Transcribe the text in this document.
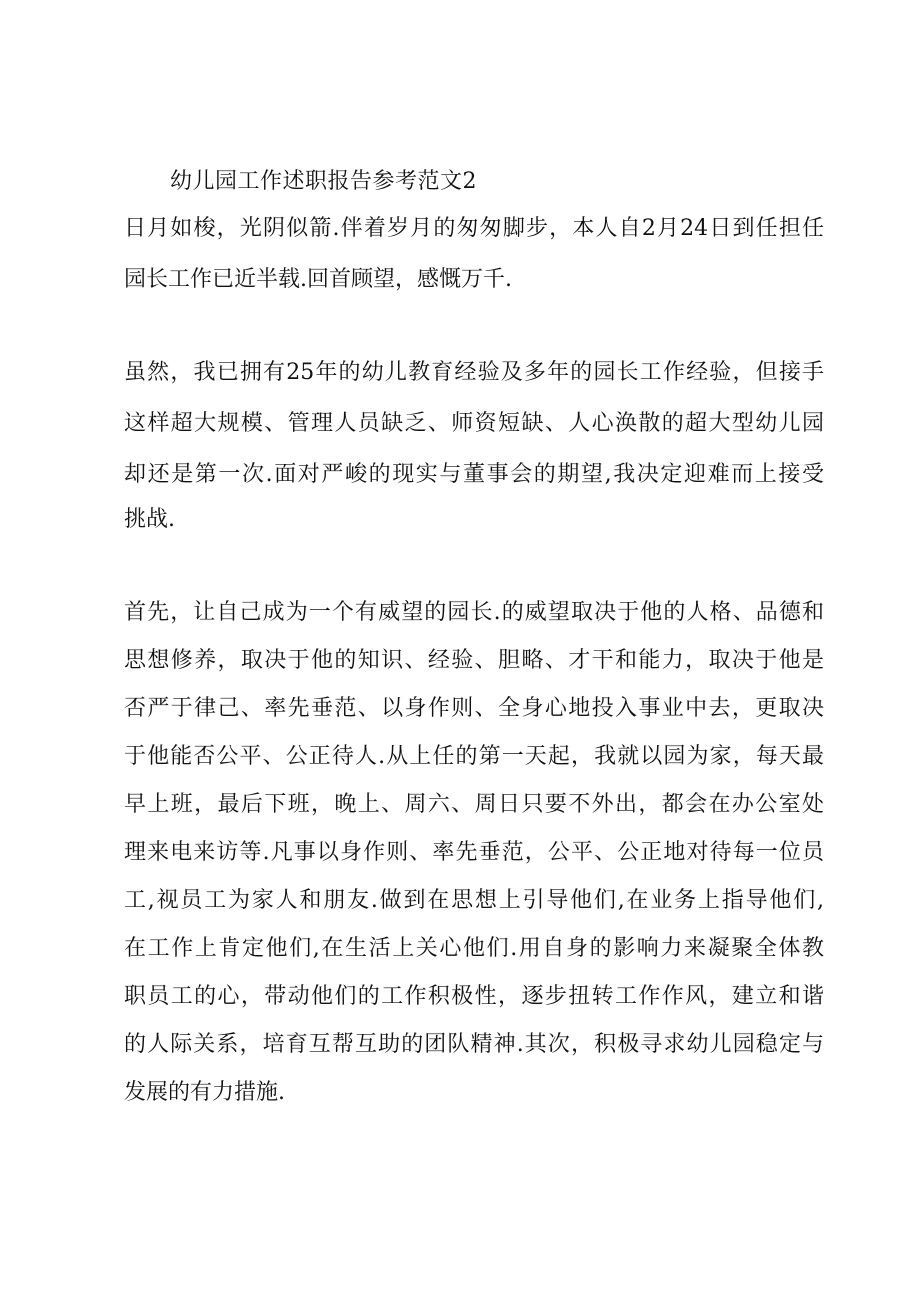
幼儿园工作述职报告参考范文2
日月如梭，光阴似箭.伴着岁月的匆匆脚步，本人自2月24日到任担任
园长工作已近半载.回首顾望，感慨万千.
虽然，我已拥有25年的幼儿教育经验及多年的园长工作经验，但接手
这样超大规模、管理人员缺乏、师资短缺、人心涣散的超大型幼儿园
却还是第一次.面对严峻的现实与董事会的期望,我决定迎难而上接受
挑战.
首先，让自己成为一个有威望的园长.的威望取决于他的人格、品德和
思想修养，取决于他的知识、经验、胆略、才干和能力，取决于他是
否严于律己、率先垂范、以身作则、全身心地投入事业中去，更取决
于他能否公平、公正待人.从上任的第一天起，我就以园为家，每天最
早上班，最后下班，晚上、周六、周日只要不外出，都会在办公室处
理来电来访等.凡事以身作则、率先垂范，公平、公正地对待每一位员
工,视员工为家人和朋友.做到在思想上引导他们,在业务上指导他们,
在工作上肯定他们,在生活上关心他们.用自身的影响力来凝聚全体教
职员工的心，带动他们的工作积极性，逐步扭转工作作风，建立和谐
的人际关系，培育互帮互助的团队精神.其次，积极寻求幼儿园稳定与
发展的有力措施.
